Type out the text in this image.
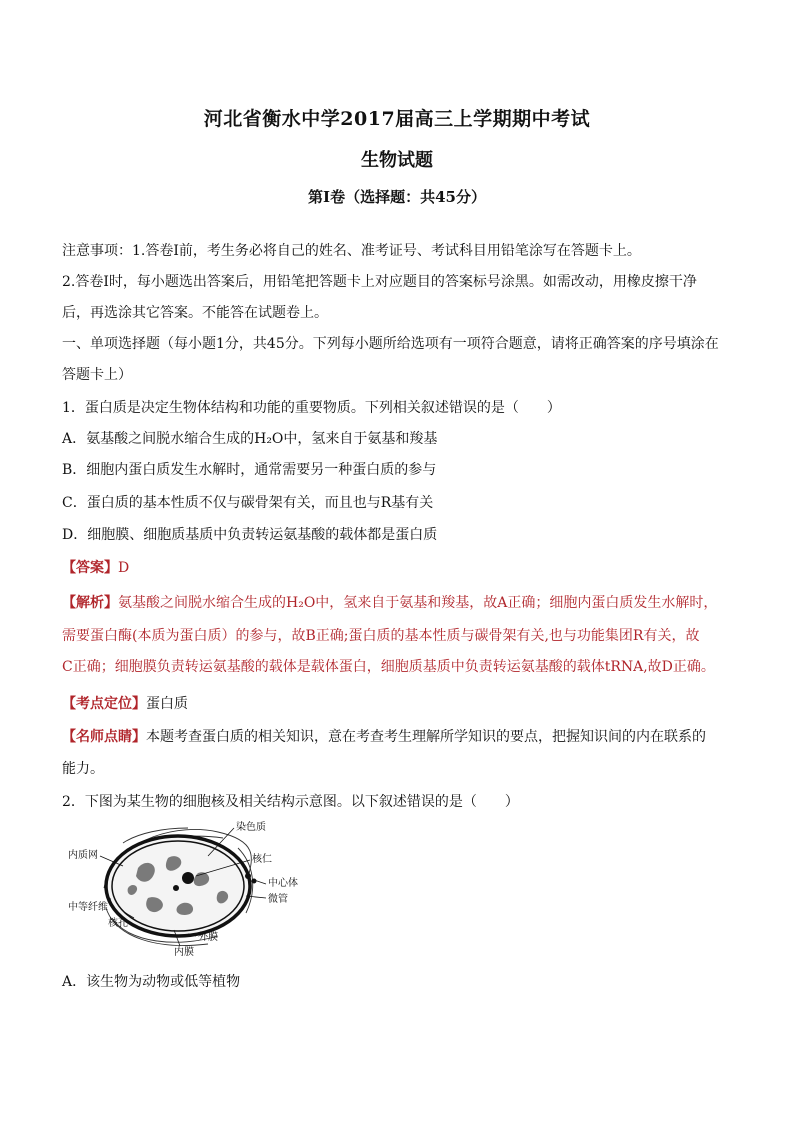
河北省衡水中学2017届高三上学期期中考试
生物试题
第Ⅰ卷（选择题：共45分）
注意事项：1.答卷Ⅰ前，考生务必将自己的姓名、准考证号、考试科目用铅笔涂写在答题卡上。
2.答卷Ⅰ时，每小题选出答案后，用铅笔把答题卡上对应题目的答案标号涂黑。如需改动，用橡皮擦干净
后，再选涂其它答案。不能答在试题卷上。
一、单项选择题（每小题1分，共45分。下列每小题所给选项有一项符合题意，请将正确答案的序号填涂在
答题卡上）
1．蛋白质是决定生物体结构和功能的重要物质。下列相关叙述错误的是（　　）
A．氨基酸之间脱水缩合生成的H₂O中，氢来自于氨基和羧基
B．细胞内蛋白质发生水解时，通常需要另一种蛋白质的参与
C．蛋白质的基本性质不仅与碳骨架有关，而且也与R基有关
D．细胞膜、细胞质基质中负责转运氨基酸的载体都是蛋白质
【答案】D
【解析】氨基酸之间脱水缩合生成的H₂O中，氢来自于氨基和羧基，故A正确；细胞内蛋白质发生水解时，
需要蛋白酶(本质为蛋白质）的参与，故B正确;蛋白质的基本性质与碳骨架有关,也与功能集团R有关，故
C正确；细胞膜负责转运氨基酸的载体是载体蛋白，细胞质基质中负责转运氨基酸的载体tRNA,故D正确。
【考点定位】蛋白质
【名师点睛】本题考查蛋白质的相关知识，意在考查考生理解所学知识的要点，把握知识间的内在联系的
能力。
2．下图为某生物的细胞核及相关结构示意图。以下叙述错误的是（　　）
染色质
内质网	核仁
中心体
微管
中等纤维
核孔
外膜
内膜
A．该生物为动物或低等植物
